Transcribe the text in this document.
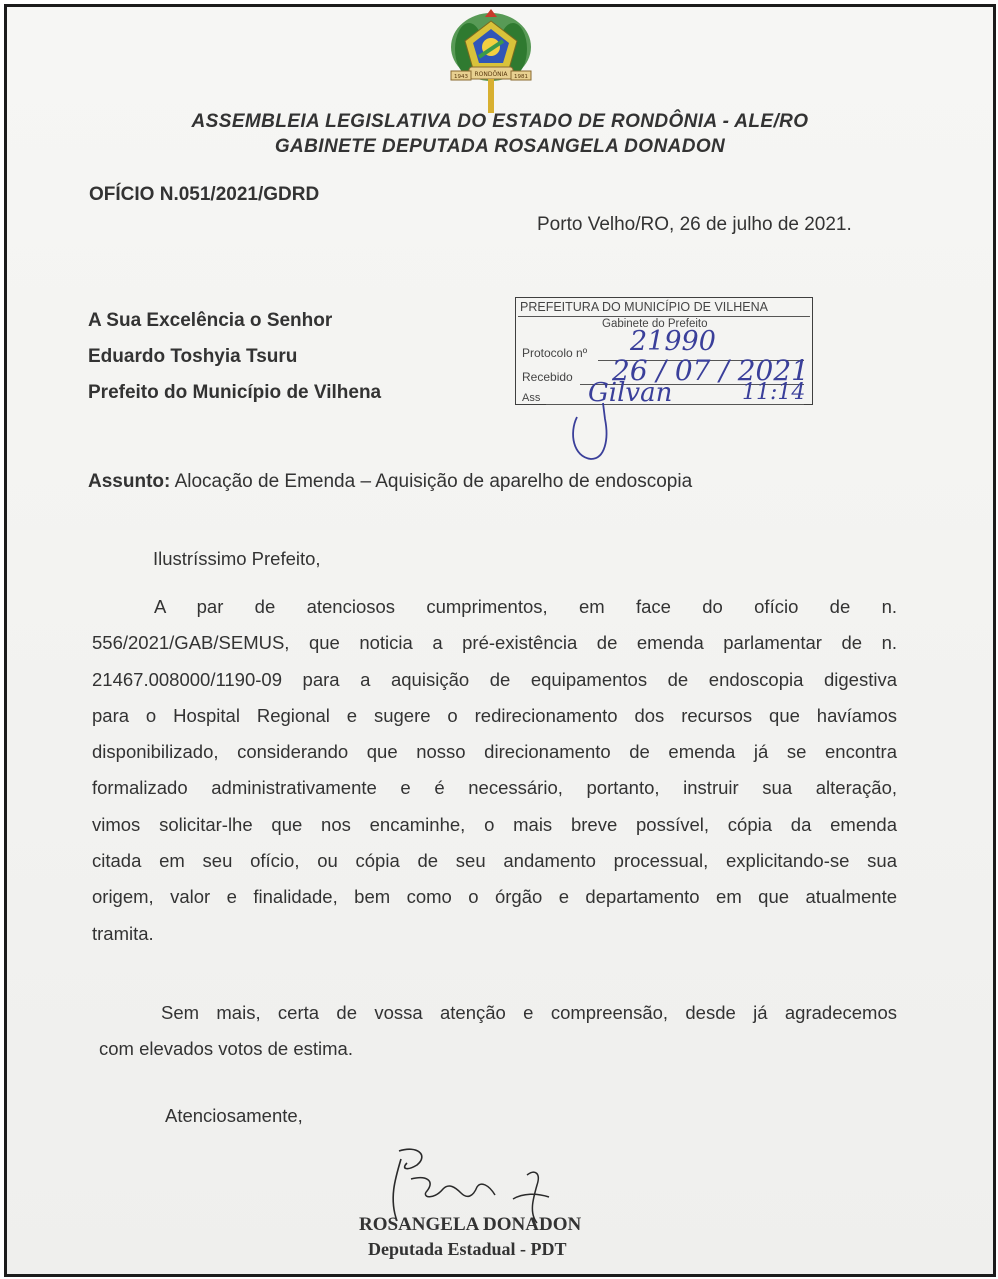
RONDÔNIA
1943	1981
ASSEMBLEIA LEGISLATIVA DO ESTADO DE RONDÔNIA - ALE/RO
GABINETE DEPUTADA ROSANGELA DONADON
OFÍCIO N.051/2021/GDRD
Porto Velho/RO, 26 de julho de 2021.
A Sua Excelência o Senhor
Eduardo Toshyia Tsuru
Prefeito do Município de Vilhena
PREFEITURA DO MUNICÍPIO DE VILHENA
Gabinete do Prefeito
Protocolo nº
Recebido
Ass
21990
26 / 07 / 2021
Gilvan	11:14
Assunto: Alocação de Emenda – Aquisição de aparelho de endoscopia
Ilustríssimo Prefeito,

A par de atenciosos cumprimentos, em face do ofício de n.

556/2021/GAB/SEMUS, que noticia a pré-existência de emenda parlamentar de n.

21467.008000/1190-09 para a aquisição de equipamentos de endoscopia digestiva

para o Hospital Regional e sugere o redirecionamento dos recursos que havíamos

disponibilizado, considerando que nosso direcionamento de emenda já se encontra

formalizado administrativamente e é necessário, portanto, instruir sua alteração,

vimos solicitar-lhe que nos encaminhe, o mais breve possível, cópia da emenda

citada em seu ofício, ou cópia de seu andamento processual, explicitando-se sua

origem, valor e finalidade, bem como o órgão e departamento em que atualmente

tramita.

Sem mais, certa de vossa atenção e compreensão, desde já agradecemos

com elevados votos de estima.

Atenciosamente,
ROSANGELA DONADON
Deputada Estadual - PDT
